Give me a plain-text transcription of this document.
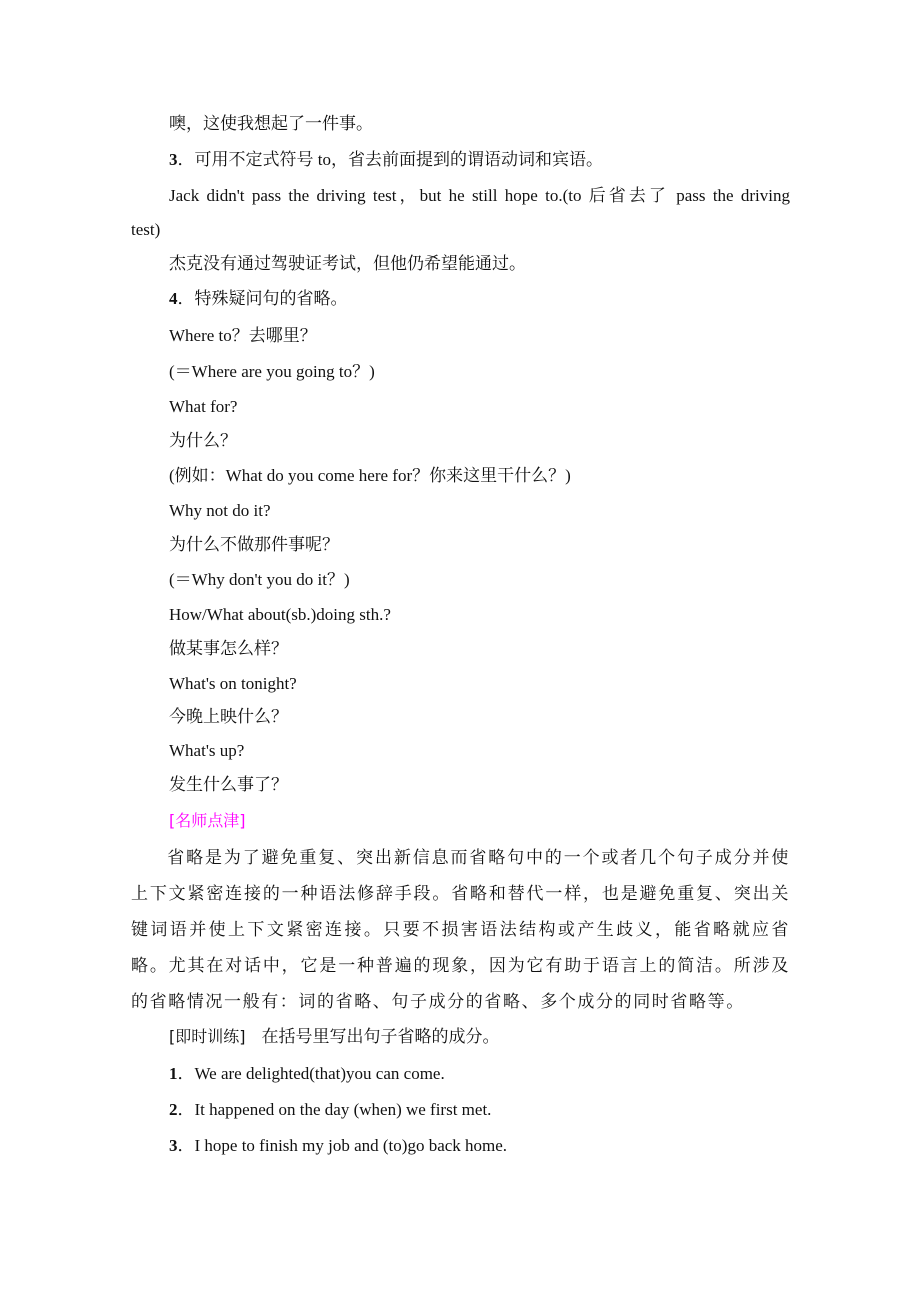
噢，这使我想起了一件事。
3．可用不定式符号 to，省去前面提到的谓语动词和宾语。
Jack didn't pass the driving test，but he still hope to.(to 后省去了 pass the driving
test)
杰克没有通过驾驶证考试，但他仍希望能通过。
4．特殊疑问句的省略。
Where to？去哪里？
(＝Where are you going to？)
What for?
为什么？
(例如：What do you come here for？你来这里干什么？)
Why not do it?
为什么不做那件事呢？
(＝Why don't you do it？)
How/What about(sb.)doing sth.?
做某事怎么样？
What's on tonight?
今晚上映什么？
What's up?
发生什么事了？
[名师点津]
省略是为了避免重复、突出新信息而省略句中的一个或者几个句子成分并使上下文紧密连接的一种语法修辞手段。省略和替代一样，也是避免重复、突出关键词语并使上下文紧密连接。只要不损害语法结构或产生歧义，能省略就应省略。尤其在对话中，它是一种普遍的现象，因为它有助于语言上的简洁。所涉及的省略情况一般有：词的省略、句子成分的省略、多个成分的同时省略等。
[即时训练] 在括号里写出句子省略的成分。
1．We are delighted(that)you can come.
2．It happened on the day (when) we first met.
3．I hope to finish my job and (to)go back home.
